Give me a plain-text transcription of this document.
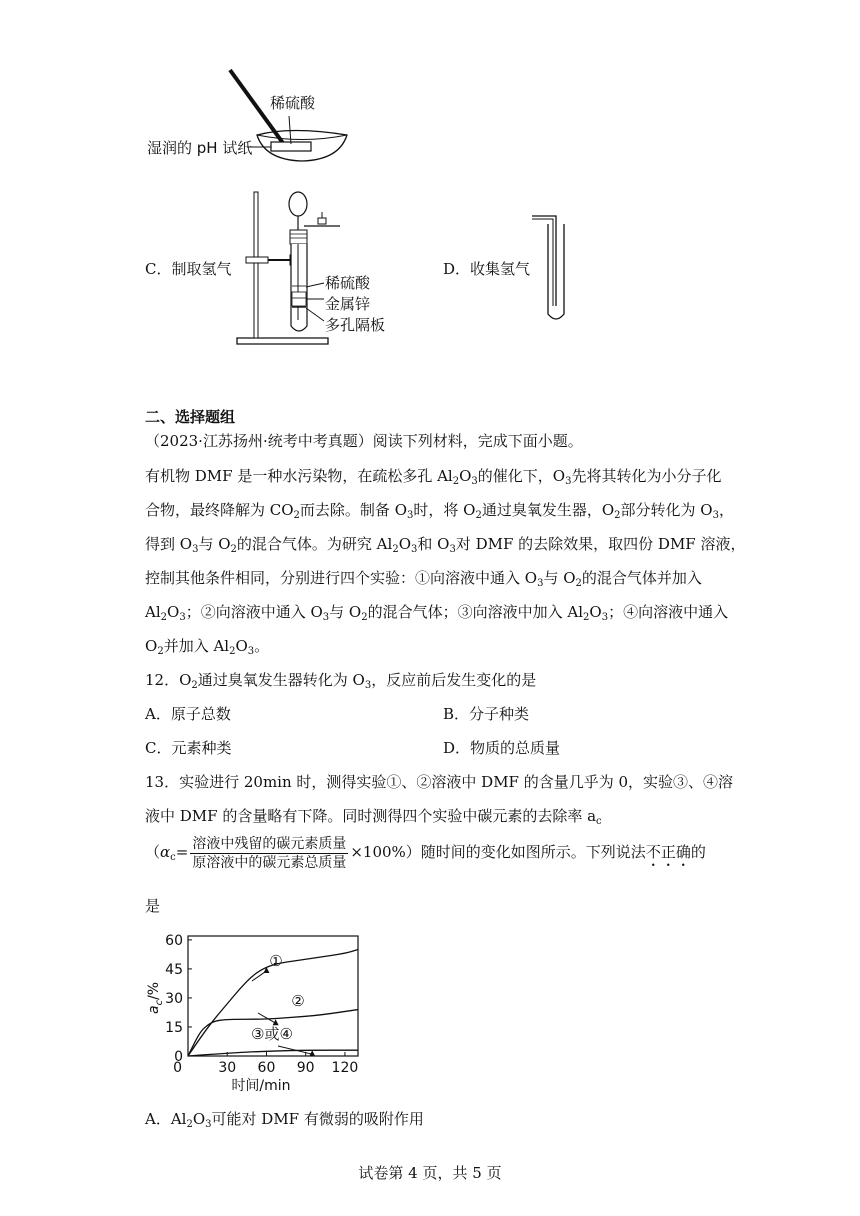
稀硫酸
湿润的 pH 试纸
C．制取氢气
稀硫酸
金属锌
多孔隔板
D．收集氢气
二、选择题组
（2023·江苏扬州·统考中考真题）阅读下列材料，完成下面小题。
有机物 DMF 是一种水污染物，在疏松多孔 $Al_2O_3$的催化下，$O_3$先将其转化为小分子化
合物，最终降解为 $CO_2$而去除。制备 $O_3$时，将 $O_2$通过臭氧发生器，$O_2$部分转化为 $O_3$，
得到 $O_3$与 $O_2$的混合气体。为研究 $Al_2O_3$和 $O_3$对 DMF 的去除效果，取四份 DMF 溶液，
控制其他条件相同，分别进行四个实验：①向溶液中通入 $O_3$与 $O_2$的混合气体并加入
$Al_2O_3$；②向溶液中通入 $O_3$与 $O_2$的混合气体；③向溶液中加入 $Al_2O_3$；④向溶液中通入
$O_2$并加入 $Al_2O_3$。
12．$O_2$通过臭氧发生器转化为 $O_3$，反应前后发生变化的是
A．原子总数	B．分子种类
C．元素种类	D．物质的总质量
13．实验进行 20min 时，测得实验①、②溶液中 DMF 的含量几乎为 0，实验③、④溶
液中 DMF 的含量略有下降。同时测得四个实验中碳元素的去除率 $a_c$
$(\alpha_c= \frac{\text{溶液中残留的碳元素质量}}{\text{原溶液中的碳元素总质量}} \times 100\%)$随时间的变化如图所示。下列说法不正确的
是
0
15
30
45
60
0	30 60 90 120
时间/min
$a_c/\%$
①
②
③或④
A．$Al_2O_3$可能对 DMF 有微弱的吸附作用
试卷第 4 页，共 5 页
